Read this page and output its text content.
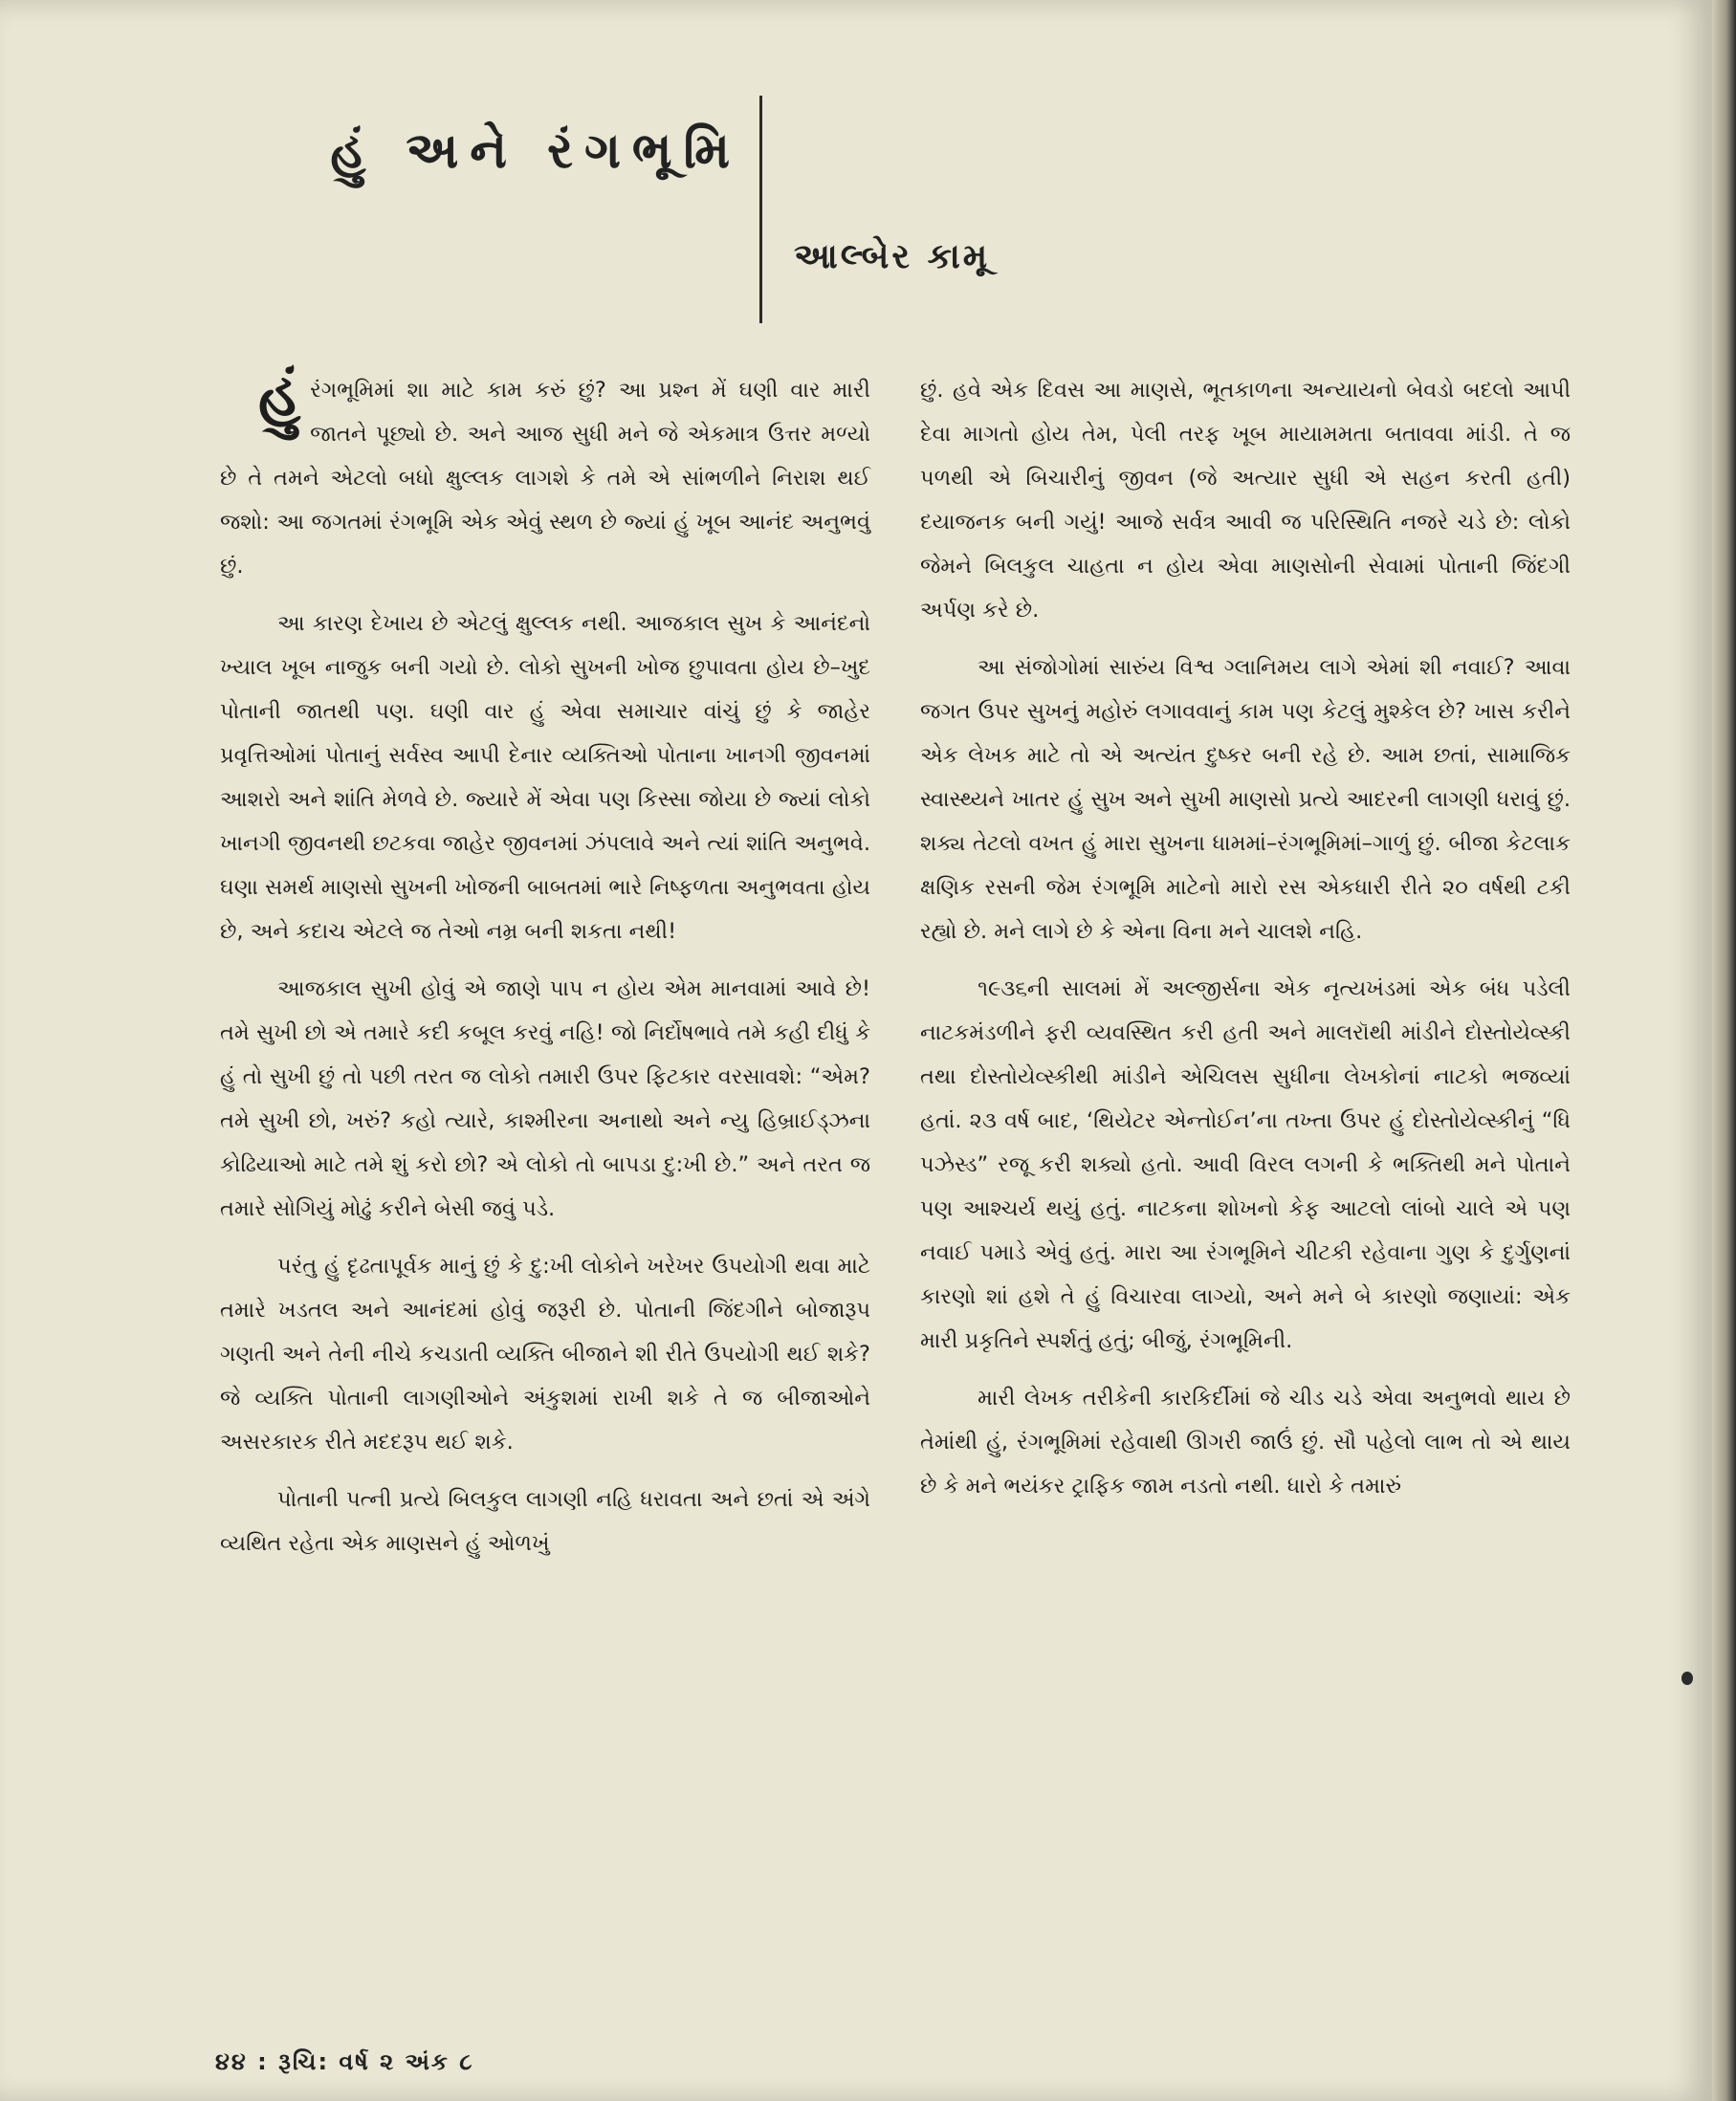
હું અને રંગભૂમિ
આલ્બેર કામૂ

હું રંગભૂમિમાં શા માટે કામ કરું છું? આ પ્રશ્ન મેં ઘણી વાર મારી જાતને પૂછ્યો છે. અને આજ સુધી મને જે એકમાત્ર ઉત્તર મળ્યો છે તે તમને એટલો બધો ક્ષુલ્લક લાગશે કે તમે એ સાંભળીને નિરાશ થઈ જશો: આ જગતમાં રંગભૂમિ એક એવું સ્થળ છે જ્યાં હું ખૂબ આનંદ અનુભવું છું.

આ કારણ દેખાય છે એટલું ક્ષુલ્લક નથી. આજકાલ સુખ કે આનંદનો ખ્યાલ ખૂબ નાજુક બની ગયો છે. લોકો સુખની ખોજ છુપાવતા હોય છે–ખુદ પોતાની જાતથી પણ. ઘણી વાર હું એવા સમાચાર વાંચું છું કે જાહેર પ્રવૃત્તિઓમાં પોતાનું સર્વસ્વ આપી દેનાર વ્યક્તિઓ પોતાના ખાનગી જીવનમાં આશરો અને શાંતિ મેળવે છે. જ્યારે મેં એવા પણ કિસ્સા જોયા છે જ્યાં લોકો ખાનગી જીવનથી છટકવા જાહેર જીવનમાં ઝંપલાવે અને ત્યાં શાંતિ અનુભવે. ઘણા સમર્થ માણસો સુખની ખોજની બાબતમાં ભારે નિષ્ફળતા અનુભવતા હોય છે, અને કદાચ એટલે જ તેઓ નમ્ર બની શકતા નથી!

આજકાલ સુખી હોવું એ જાણે પાપ ન હોય એમ માનવામાં આવે છે! તમે સુખી છો એ તમારે કદી કબૂલ કરવું નહિ! જો નિર્દોષભાવે તમે કહી દીધું કે હું તો સુખી છું તો પછી તરત જ લોકો તમારી ઉપર ફિટકાર વરસાવશે: “એમ? તમે સુખી છો, ખરું? કહો ત્યારે, કાશ્મીરના અનાથો અને ન્યુ હિબ્રાઈડ્ઝના કોઢિયાઓ માટે તમે શું કરો છો? એ લોકો તો બાપડા દુ:ખી છે.” અને તરત જ તમારે સોગિયું મોઢું કરીને બેસી જવું પડે.

પરંતુ હું દૃઢતાપૂર્વક માનું છું કે દુ:ખી લોકોને ખરેખર ઉપયોગી થવા માટે તમારે ખડતલ અને આનંદમાં હોવું જરૂરી છે. પોતાની જિંદગીને બોજારૂપ ગણતી અને તેની નીચે કચડાતી વ્યક્તિ બીજાને શી રીતે ઉપયોગી થઈ શકે? જે વ્યક્તિ પોતાની લાગણીઓને અંકુશમાં રાખી શકે તે જ બીજાઓને અસરકારક રીતે મદદરૂપ થઈ શકે.

પોતાની પત્ની પ્રત્યે બિલકુલ લાગણી નહિ ધરાવતા અને છતાં એ અંગે વ્યથિત રહેતા એક માણસને હું ઓળખું

છું. હવે એક દિવસ આ માણસે, ભૂતકાળના અન્યાયનો બેવડો બદલો આપી દેવા માગતો હોય તેમ, પેલી તરફ ખૂબ માયામમતા બતાવવા માંડી. તે જ પળથી એ બિચારીનું જીવન (જે અત્યાર સુધી એ સહન કરતી હતી) દયાજનક બની ગયું! આજે સર્વત્ર આવી જ પરિસ્થિતિ નજરે ચડે છે: લોકો જેમને બિલકુલ ચાહતા ન હોય એવા માણસોની સેવામાં પોતાની જિંદગી અર્પણ કરે છે.

આ સંજોગોમાં સારુંય વિશ્વ ગ્લાનિમય લાગે એમાં શી નવાઈ? આવા જગત ઉપર સુખનું મહોરું લગાવવાનું કામ પણ કેટલું મુશ્કેલ છે? ખાસ કરીને એક લેખક માટે તો એ અત્યંત દુષ્કર બની રહે છે. આમ છતાં, સામાજિક સ્વાસ્થ્યને ખાતર હું સુખ અને સુખી માણસો પ્રત્યે આદરની લાગણી ધરાવું છું. શક્ય તેટલો વખત હું મારા સુખના ધામમાં–રંગભૂમિમાં–ગાળું છું. બીજા કેટલાક ક્ષણિક રસની જેમ રંગભૂમિ માટેનો મારો રસ એકધારી રીતે ૨૦ વર્ષથી ટકી રહ્યો છે. મને લાગે છે કે એના વિના મને ચાલશે નહિ.

૧૯૩૬ની સાલમાં મેં અલ્જીર્સના એક નૃત્યખંડમાં એક બંધ પડેલી નાટકમંડળીને ફરી વ્યવસ્થિત કરી હતી અને માલરૉથી માંડીને દોસ્તોયેવ્સ્કી તથા દોસ્તોયેવ્સ્કીથી માંડીને એચિલસ સુધીના લેખકોનાં નાટકો ભજવ્યાં હતાં. ૨૩ વર્ષ બાદ, ‘થિયેટર એન્તોઈન’ના તખ્તા ઉપર હું દોસ્તોયેવ્સ્કીનું “ધિ પઝેસ્ડ” રજૂ કરી શક્યો હતો. આવી વિરલ લગની કે ભક્તિથી મને પોતાને પણ આશ્ચર્ય થયું હતું. નાટકના શોખનો કેફ આટલો લાંબો ચાલે એ પણ નવાઈ પમાડે એવું હતું. મારા આ રંગભૂમિને ચીટકી રહેવાના ગુણ કે દુર્ગુણનાં કારણો શાં હશે તે હું વિચારવા લાગ્યો, અને મને બે કારણો જણાયાં: એક મારી પ્રકૃતિને સ્પર્શતું હતું; બીજું, રંગભૂમિની.

મારી લેખક તરીકેની કારકિર્દીમાં જે ચીડ ચડે એવા અનુભવો થાય છે તેમાંથી હું, રંગભૂમિમાં રહેવાથી ઊગરી જાઉં છું. સૌ પહેલો લાભ તો એ થાય છે કે મને ભયંકર ટ્રાફિક જામ નડતો નથી. ધારો કે તમારું

૪૪ : રૂચિ: વર્ષ ૨ અંક ૮
